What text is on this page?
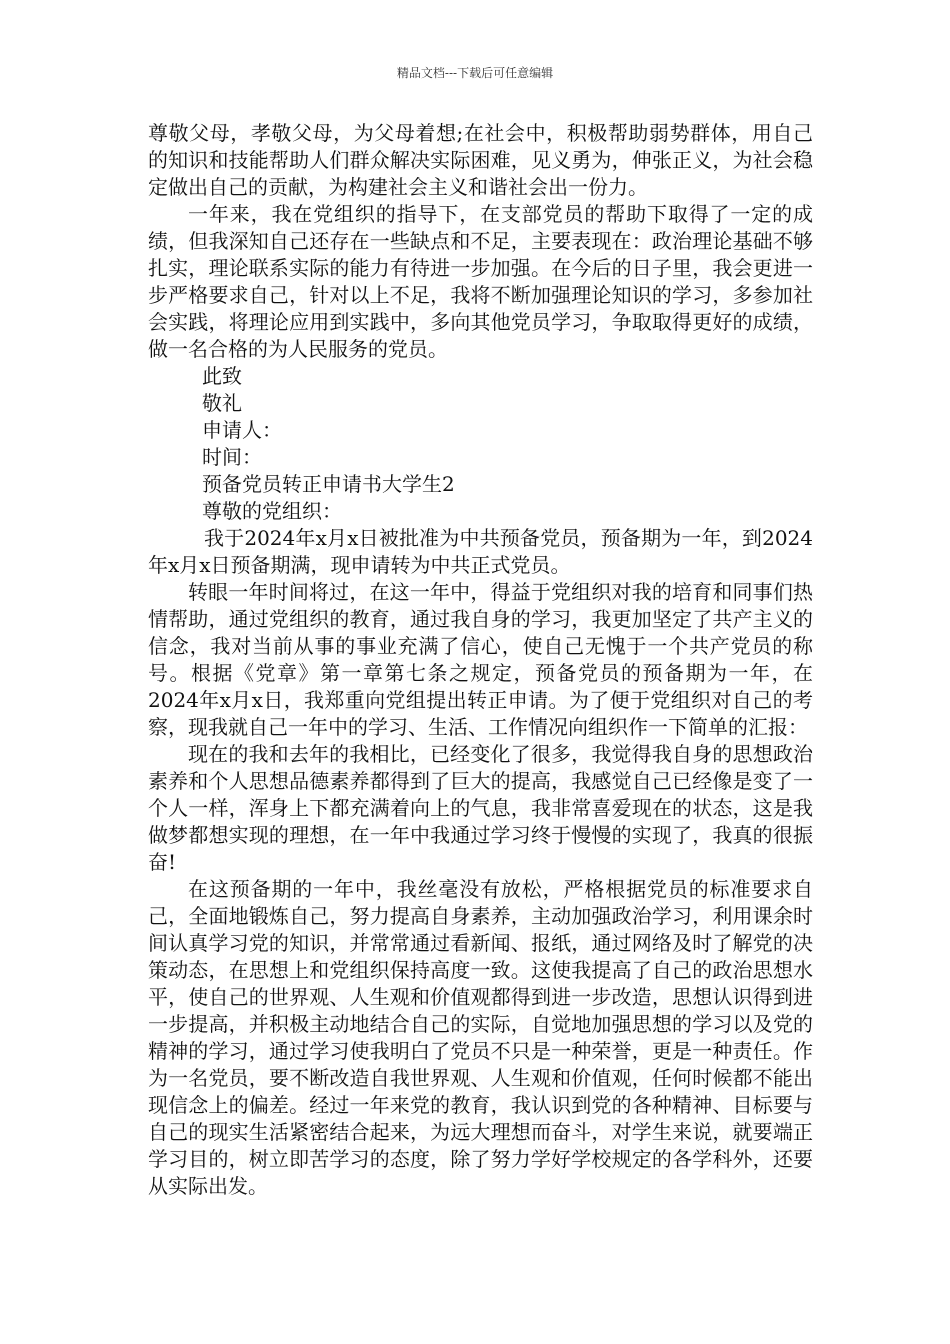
精品文档---下载后可任意编辑

尊敬父母，孝敬父母，为父母着想;在社会中，积极帮助弱势群体，用自己的知识和技能帮助人们群众解决实际困难，见义勇为，伸张正义，为社会稳定做出自己的贡献，为构建社会主义和谐社会出一份力。

一年来，我在党组织的指导下，在支部党员的帮助下取得了一定的成绩，但我深知自己还存在一些缺点和不足，主要表现在：政治理论基础不够扎实，理论联系实际的能力有待进一步加强。在今后的日子里，我会更进一步严格要求自己，针对以上不足，我将不断加强理论知识的学习，多参加社会实践，将理论应用到实践中，多向其他党员学习，争取取得更好的成绩，做一名合格的为人民服务的党员。

此致

敬礼

申请人：

时间：

预备党员转正申请书大学生2

尊敬的党组织：

我于2024年x月x日被批准为中共预备党员，预备期为一年，到2024年x月x日预备期满，现申请转为中共正式党员。

转眼一年时间将过，在这一年中，得益于党组织对我的培育和同事们热情帮助，通过党组织的教育，通过我自身的学习，我更加坚定了共产主义的信念，我对当前从事的事业充满了信心，使自己无愧于一个共产党员的称号。根据《党章》第一章第七条之规定，预备党员的预备期为一年，在2024年x月x日，我郑重向党组提出转正申请。为了便于党组织对自己的考察，现我就自己一年中的学习、生活、工作情况向组织作一下简单的汇报：

现在的我和去年的我相比，已经变化了很多，我觉得我自身的思想政治素养和个人思想品德素养都得到了巨大的提高，我感觉自己已经像是变了一个人一样，浑身上下都充满着向上的气息，我非常喜爱现在的状态，这是我做梦都想实现的理想，在一年中我通过学习终于慢慢的实现了，我真的很振奋!

在这预备期的一年中，我丝毫没有放松，严格根据党员的标准要求自己，全面地锻炼自己，努力提高自身素养，主动加强政治学习，利用课余时间认真学习党的知识，并常常通过看新闻、报纸，通过网络及时了解党的决策动态，在思想上和党组织保持高度一致。这使我提高了自己的政治思想水平，使自己的世界观、人生观和价值观都得到进一步改造，思想认识得到进一步提高，并积极主动地结合自己的实际，自觉地加强思想的学习以及党的精神的学习，通过学习使我明白了党员不只是一种荣誉，更是一种责任。作为一名党员，要不断改造自我世界观、人生观和价值观，任何时候都不能出现信念上的偏差。经过一年来党的教育，我认识到党的各种精神、目标要与自己的现实生活紧密结合起来，为远大理想而奋斗，对学生来说，就要端正学习目的，树立即苦学习的态度，除了努力学好学校规定的各学科外，还要从实际出发。
